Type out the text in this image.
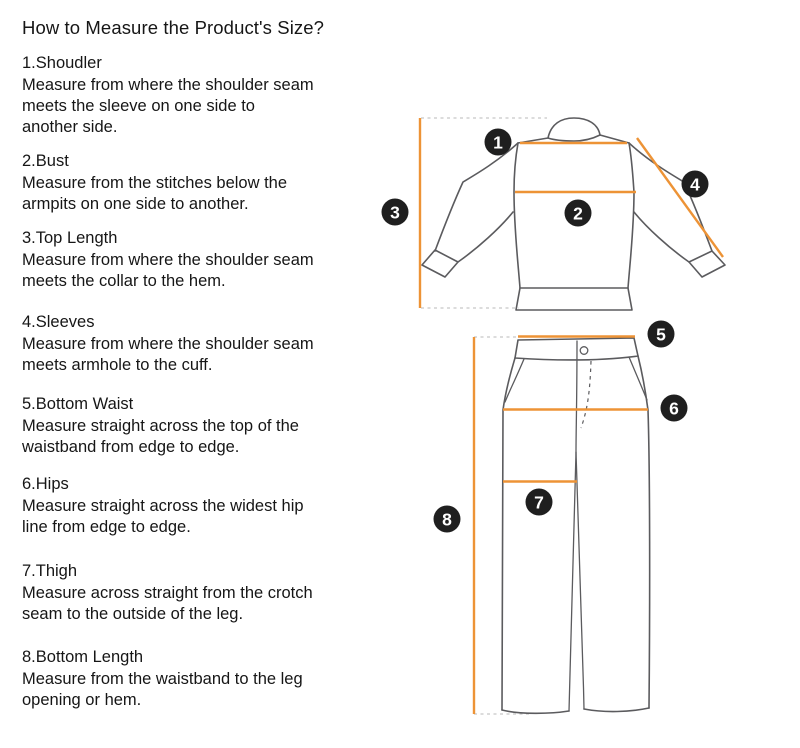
How to Measure the Product's Size?
1.Shoudler
Measure from where the shoulder seam
meets the sleeve on one side to
another side.
2.Bust
Measure from the stitches below the
armpits on one side to another.
3.Top Length
Measure from where the shoulder seam
meets the collar to the hem.
4.Sleeves
Measure from where the shoulder seam
meets armhole to the cuff.
5.Bottom Waist
Measure straight across the top of the
waistband from edge to edge.
6.Hips
Measure straight across the widest hip
line from edge to edge.
7.Thigh
Measure across straight from the crotch
seam to the outside of the leg.
8.Bottom Length
Measure from the waistband to the leg
opening or hem.
1
2
3
4
5
6
7
8
